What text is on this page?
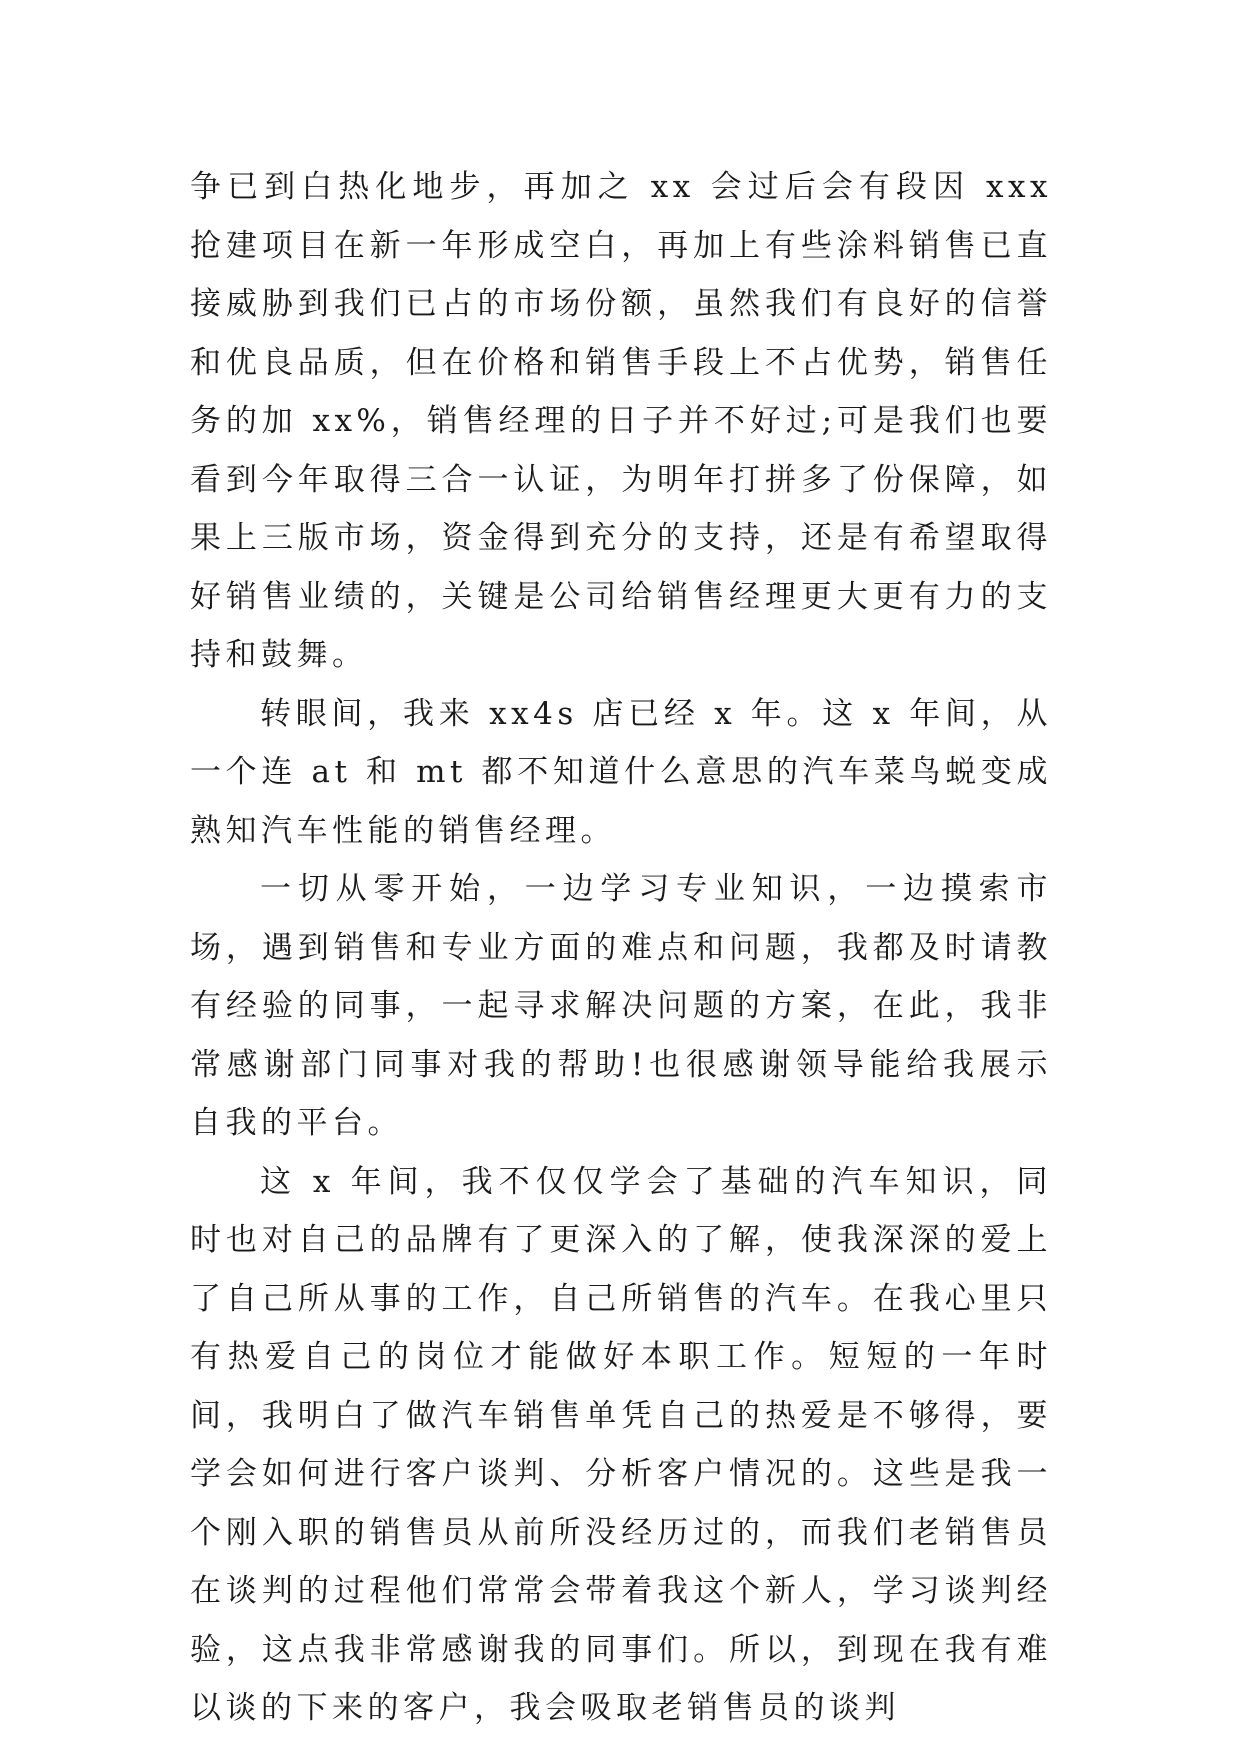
争已到白热化地步，再加之 xx 会过后会有段因 xxx 抢建项目在新一年形成空白，再加上有些涂料销售已直接威胁到我们已占的市场份额，虽然我们有良好的信誉和优良品质，但在价格和销售手段上不占优势，销售任务的加 xx%，销售经理的日子并不好过;可是我们也要看到今年取得三合一认证，为明年打拼多了份保障，如果上三版市场，资金得到充分的支持，还是有希望取得好销售业绩的，关键是公司给销售经理更大更有力的支持和鼓舞。

转眼间，我来 xx4s 店已经 x 年。这 x 年间，从一个连 at 和 mt 都不知道什么意思的汽车菜鸟蜕变成熟知汽车性能的销售经理。

一切从零开始，一边学习专业知识，一边摸索市场，遇到销售和专业方面的难点和问题，我都及时请教有经验的同事，一起寻求解决问题的方案，在此，我非常感谢部门同事对我的帮助!也很感谢领导能给我展示自我的平台。

这 x 年间，我不仅仅学会了基础的汽车知识，同时也对自己的品牌有了更深入的了解，使我深深的爱上了自己所从事的工作，自己所销售的汽车。在我心里只有热爱自己的岗位才能做好本职工作。短短的一年时间，我明白了做汽车销售单凭自己的热爱是不够得，要学会如何进行客户谈判、分析客户情况的。这些是我一个刚入职的销售员从前所没经历过的，而我们老销售员在谈判的过程他们常常会带着我这个新人，学习谈判经验，这点我非常感谢我的同事们。所以，到现在我有难以谈的下来的客户，我会吸取老销售员的谈判
